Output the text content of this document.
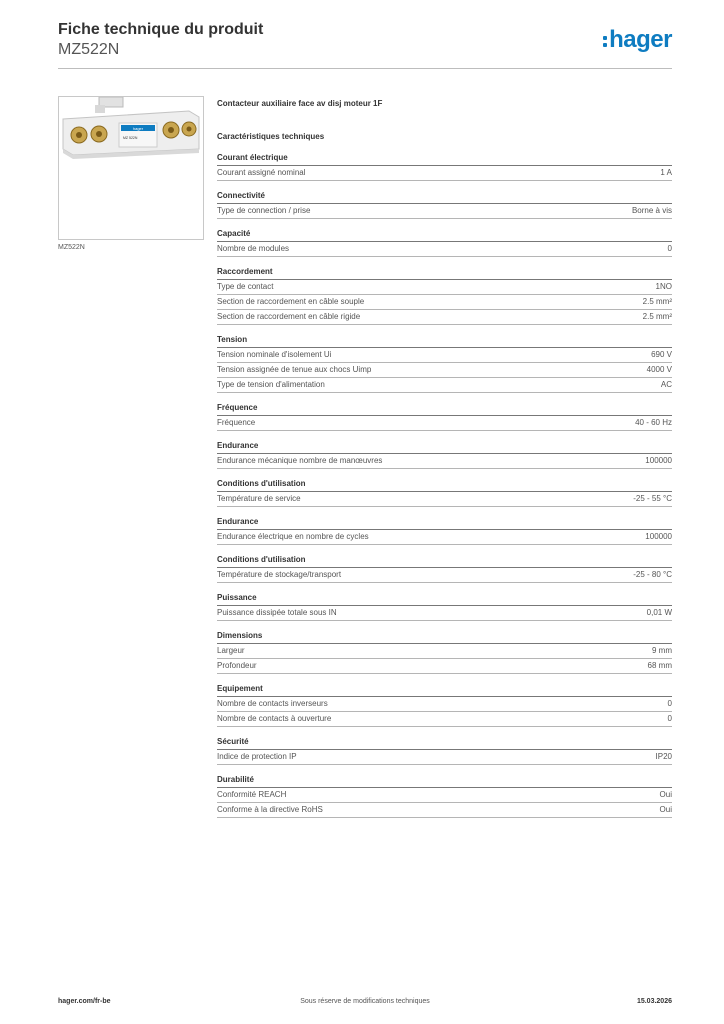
Fiche technique du produit
MZ522N	hager
hager
MZ 522N
MZ522N
Contacteur auxiliaire face av disj moteur 1F
Caractéristiques techniques
Courant électrique
Courant assigné nominal	1 A
Connectivité
Type de connection / prise	Borne à vis
Capacité
Nombre de modules	0
Raccordement
Type de contact	1NO
Section de raccordement en câble souple	2.5 mm²
Section de raccordement en câble rigide	2.5 mm²
Tension
Tension nominale d'isolement Ui	690 V
Tension assignée de tenue aux chocs Uimp	4000 V
Type de tension d'alimentation	AC
Fréquence
Fréquence	40 - 60 Hz
Endurance
Endurance mécanique nombre de manœuvres	100000
Conditions d'utilisation
Température de service	-25 - 55 °C
Endurance
Endurance électrique en nombre de cycles	100000
Conditions d'utilisation
Température de stockage/transport	-25 - 80 °C
Puissance
Puissance dissipée totale sous IN	0,01 W
Dimensions
Largeur	9 mm
Profondeur	68 mm
Equipement
Nombre de contacts inverseurs	0
Nombre de contacts à ouverture	0
Sécurité
Indice de protection IP	IP20
Durabilité
Conformité REACH	Oui
Conforme à la directive RoHS	Oui
hager.com/fr-be	Sous réserve de modifications techniques	15.03.2026
